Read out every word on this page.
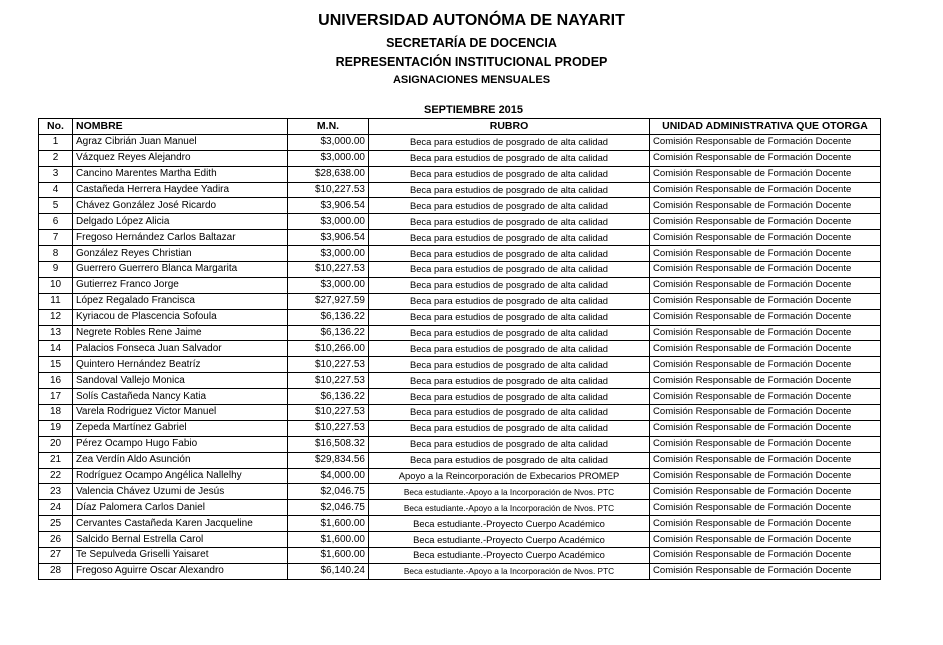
UNIVERSIDAD AUTONÓMA DE NAYARIT
SECRETARÍA DE DOCENCIA
REPRESENTACIÓN INSTITUCIONAL PRODEP
ASIGNACIONES MENSUALES
SEPTIEMBRE 2015
No.	NOMBRE	M.N.	RUBRO	UNIDAD ADMINISTRATIVA QUE OTORGA
1	Agraz Cibrián Juan Manuel	$3,000.00	Beca para estudios de posgrado de alta calidad	Comisión Responsable de Formación Docente
2	Vázquez Reyes Alejandro	$3,000.00	Beca para estudios de posgrado de alta calidad	Comisión Responsable de Formación Docente
3	Cancino Marentes Martha Edith	$28,638.00	Beca para estudios de posgrado de alta calidad	Comisión Responsable de Formación Docente
4	Castañeda Herrera Haydee Yadira	$10,227.53	Beca para estudios de posgrado de alta calidad	Comisión Responsable de Formación Docente
5	Chávez González José Ricardo	$3,906.54	Beca para estudios de posgrado de alta calidad	Comisión Responsable de Formación Docente
6	Delgado López Alicia	$3,000.00	Beca para estudios de posgrado de alta calidad	Comisión Responsable de Formación Docente
7	Fregoso Hernández Carlos Baltazar	$3,906.54	Beca para estudios de posgrado de alta calidad	Comisión Responsable de Formación Docente
8	González Reyes Christian	$3,000.00	Beca para estudios de posgrado de alta calidad	Comisión Responsable de Formación Docente
9	Guerrero Guerrero Blanca Margarita	$10,227.53	Beca para estudios de posgrado de alta calidad	Comisión Responsable de Formación Docente
10	Gutierrez Franco Jorge	$3,000.00	Beca para estudios de posgrado de alta calidad	Comisión Responsable de Formación Docente
11	López Regalado Francisca	$27,927.59	Beca para estudios de posgrado de alta calidad	Comisión Responsable de Formación Docente
12	Kyriacou de Plascencia Sofoula	$6,136.22	Beca para estudios de posgrado de alta calidad	Comisión Responsable de Formación Docente
13	Negrete Robles Rene Jaime	$6,136.22	Beca para estudios de posgrado de alta calidad	Comisión Responsable de Formación Docente
14	Palacios Fonseca Juan Salvador	$10,266.00	Beca para estudios de posgrado de alta calidad	Comisión Responsable de Formación Docente
15	Quintero Hernández Beatríz	$10,227.53	Beca para estudios de posgrado de alta calidad	Comisión Responsable de Formación Docente
16	Sandoval Vallejo Monica	$10,227.53	Beca para estudios de posgrado de alta calidad	Comisión Responsable de Formación Docente
17	Solís Castañeda Nancy Katia	$6,136.22	Beca para estudios de posgrado de alta calidad	Comisión Responsable de Formación Docente
18	Varela Rodriguez Victor Manuel	$10,227.53	Beca para estudios de posgrado de alta calidad	Comisión Responsable de Formación Docente
19	Zepeda Martínez Gabriel	$10,227.53	Beca para estudios de posgrado de alta calidad	Comisión Responsable de Formación Docente
20	Pérez Ocampo Hugo Fabio	$16,508.32	Beca para estudios de posgrado de alta calidad	Comisión Responsable de Formación Docente
21	Zea Verdín Aldo Asunción	$29,834.56	Beca para estudios de posgrado de alta calidad	Comisión Responsable de Formación Docente
22	Rodríguez Ocampo Angélica Nallelhy	$4,000.00	Apoyo a la Reincorporación de Exbecarios PROMEP	Comisión Responsable de Formación Docente
23	Valencia Chávez Uzumi de Jesús	$2,046.75	Beca estudiante.-Apoyo a la Incorporación de Nvos. PTC	Comisión Responsable de Formación Docente
24	Díaz Palomera Carlos Daniel	$2,046.75	Beca estudiante.-Apoyo a la Incorporación de Nvos. PTC	Comisión Responsable de Formación Docente
25	Cervantes Castañeda Karen Jacqueline	$1,600.00	Beca estudiante.-Proyecto Cuerpo Académico	Comisión Responsable de Formación Docente
26	Salcido Bernal Estrella Carol	$1,600.00	Beca estudiante.-Proyecto Cuerpo Académico	Comisión Responsable de Formación Docente
27	Te Sepulveda Griselli Yaisaret	$1,600.00	Beca estudiante.-Proyecto Cuerpo Académico	Comisión Responsable de Formación Docente
28	Fregoso Aguirre Oscar Alexandro	$6,140.24	Beca estudiante.-Apoyo a la Incorporación de Nvos. PTC	Comisión Responsable de Formación Docente
